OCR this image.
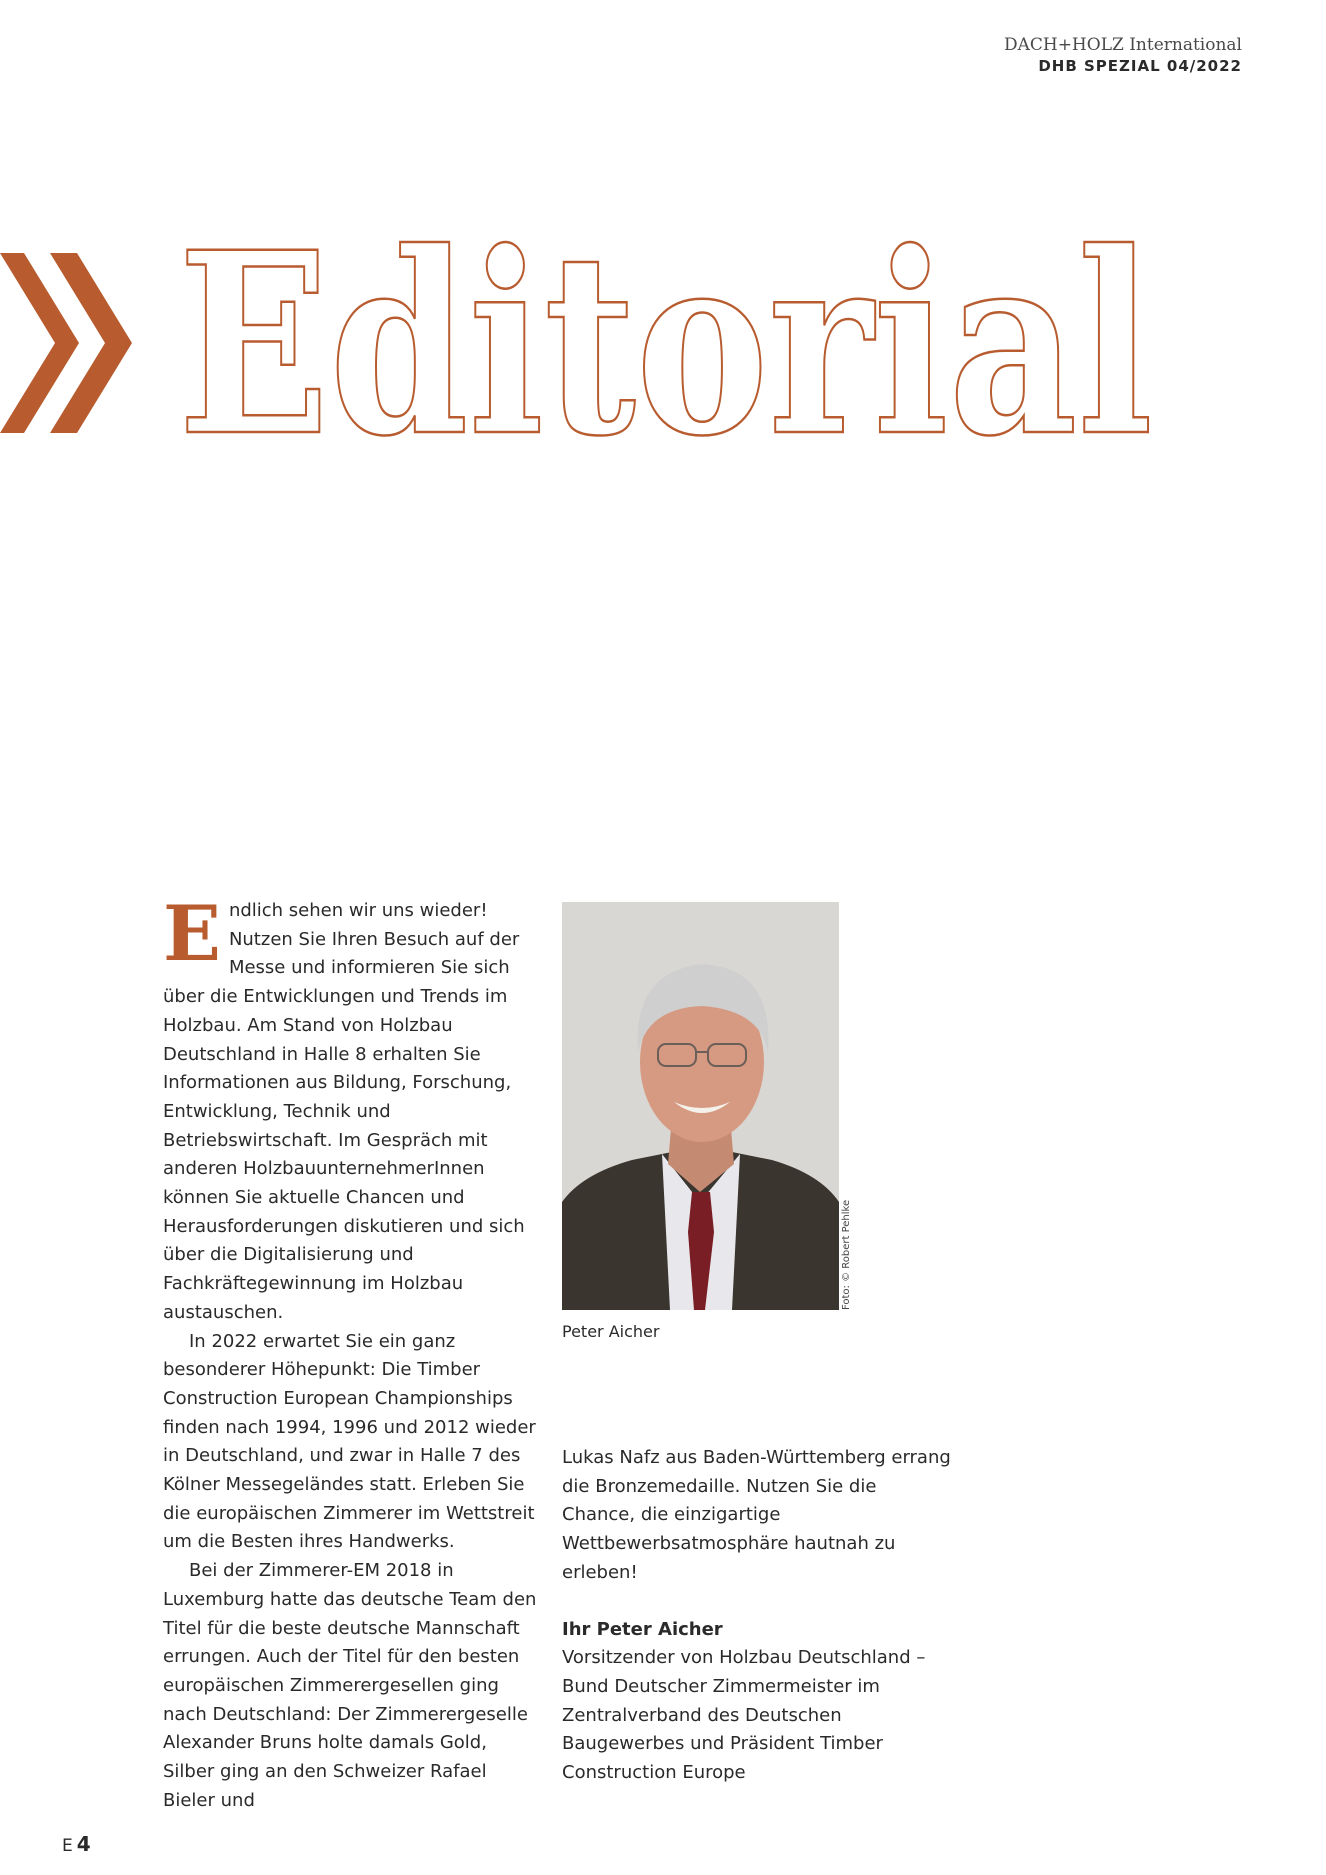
DACH+HOLZ International
DHB SPEZIAL 04/2022
Editorial

Endlich sehen wir uns wieder! Nutzen Sie Ihren Besuch auf der Messe und informieren Sie sich über die Entwicklungen und Trends im Holzbau. Am Stand von Holzbau Deutschland in Halle 8 erhalten Sie Informationen aus Bildung, Forschung, Entwicklung, Technik und Betriebswirtschaft. Im Gespräch mit anderen HolzbauunternehmerInnen können Sie aktuelle Chancen und Herausforderungen diskutieren und sich über die Digitalisierung und Fachkräftegewinnung im Holzbau austauschen.

In 2022 erwartet Sie ein ganz besonderer Höhepunkt: Die Timber Construction European Championships finden nach 1994, 1996 und 2012 wieder in Deutschland, und zwar in Halle 7 des Kölner Messegeländes statt. Erleben Sie die europäischen Zimmerer im Wettstreit um die Besten ihres Handwerks.

Bei der Zimmerer-EM 2018 in Luxemburg hatte das deutsche Team den Titel für die beste deutsche Mannschaft errungen. Auch der Titel für den besten europäischen Zimmerergesellen ging nach Deutschland: Der Zimmerergeselle Alexander Bruns holte damals Gold, Silber ging an den Schweizer Rafael Bieler und

Foto: © Robert Pehlke
Peter Aicher

Lukas Nafz aus Baden-Württemberg errang die Bronzemedaille. Nutzen Sie die Chance, die einzigartige Wettbewerbsatmosphäre hautnah zu erleben!

Ihr Peter Aicher

Vorsitzender von Holzbau Deutschland – Bund Deutscher Zimmermeister im Zentralverband des Deutschen Baugewerbes und Präsident Timber Construction Europe

E 4
